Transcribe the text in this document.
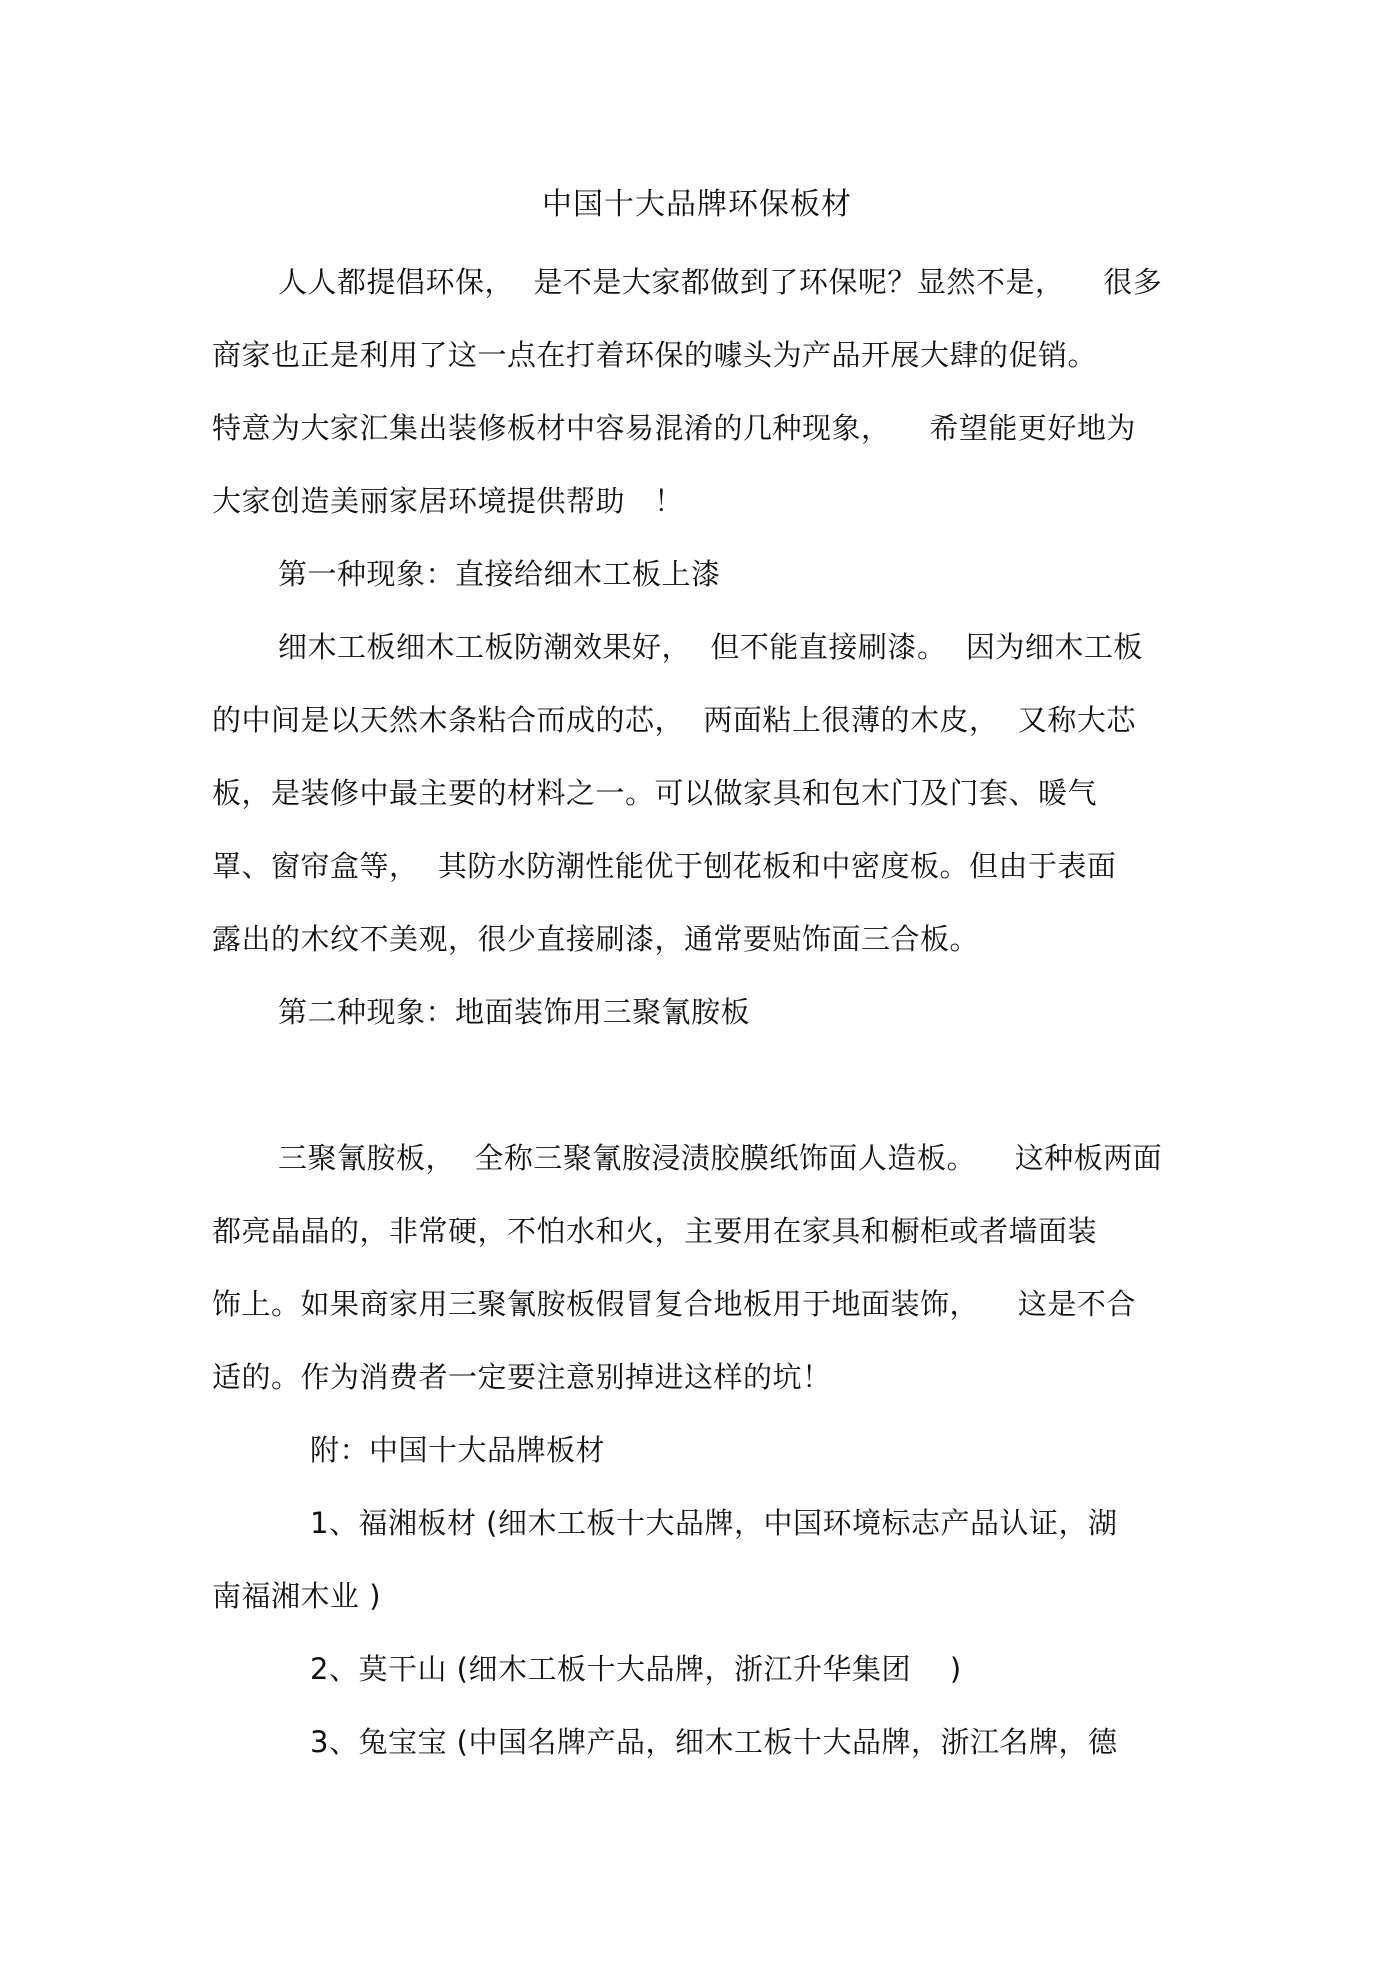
中国十大品牌环保板材
人人都提倡环保，  是不是大家都做到了环保呢？显然不是，    很多
商家也正是利用了这一点在打着环保的噱头为产品开展大肆的促销。
特意为大家汇集出装修板材中容易混淆的几种现象，    希望能更好地为
大家创造美丽家居环境提供帮助   ！
第一种现象：直接给细木工板上漆
细木工板细木工板防潮效果好，  但不能直接刷漆。  因为细木工板
的中间是以天然木条粘合而成的芯，  两面粘上很薄的木皮，  又称大芯
板，是装修中最主要的材料之一。可以做家具和包木门及门套、暖气
罩、窗帘盒等，  其防水防潮性能优于刨花板和中密度板。但由于表面
露出的木纹不美观，很少直接刷漆，通常要贴饰面三合板。
第二种现象：地面装饰用三聚氰胺板
三聚氰胺板，  全称三聚氰胺浸渍胶膜纸饰面人造板。    这种板两面
都亮晶晶的，非常硬，不怕水和火，主要用在家具和橱柜或者墙面装
饰上。如果商家用三聚氰胺板假冒复合地板用于地面装饰，    这是不合
适的。作为消费者一定要注意别掉进这样的坑！
附：中国十大品牌板材
1、福湘板材 (细木工板十大品牌，中国环境标志产品认证，湖
南福湘木业 )
2、莫干山 (细木工板十大品牌，浙江升华集团    )
3、兔宝宝 (中国名牌产品，细木工板十大品牌，浙江名牌，德
